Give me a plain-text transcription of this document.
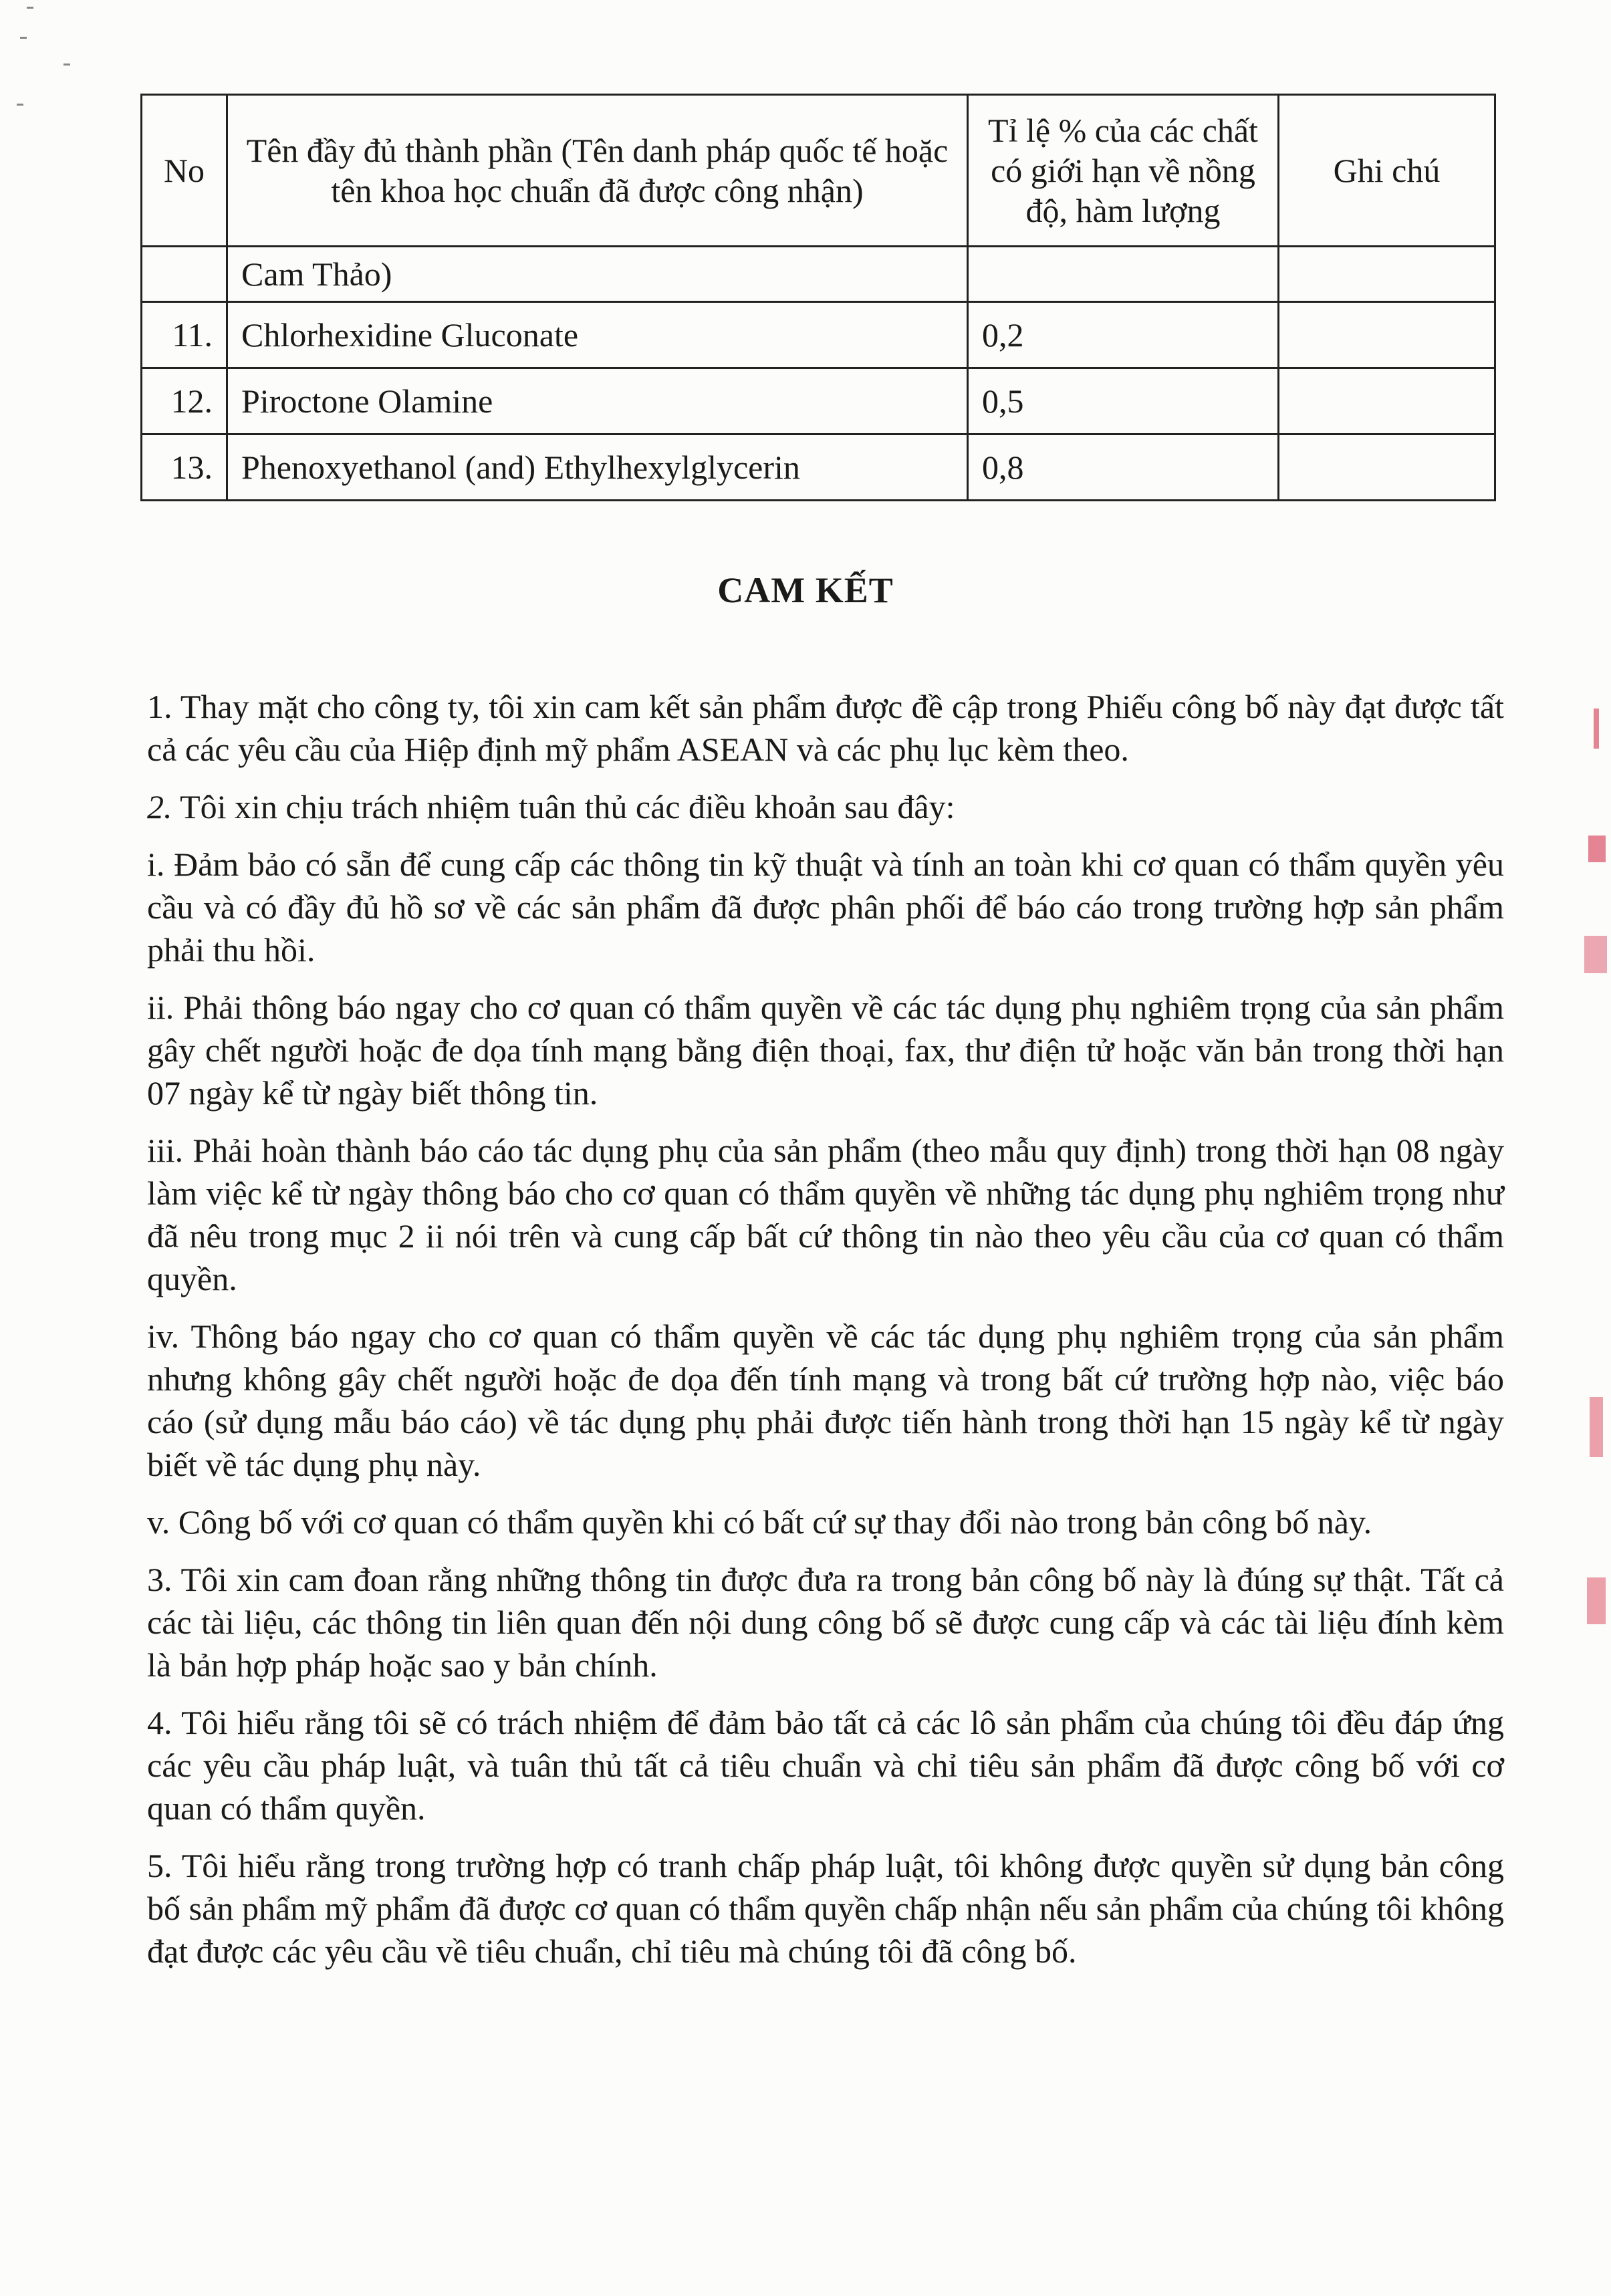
No	Tên đầy đủ thành phần (Tên danh pháp quốc tế hoặc tên khoa học chuẩn đã được công nhận)	Tỉ lệ % của các chất có giới hạn về nồng độ, hàm lượng	Ghi chú
	Cam Thảo)		
11.	Chlorhexidine Gluconate	0,2	
12.	Piroctone Olamine	0,5	
13.	Phenoxyethanol (and) Ethylhexylglycerin	0,8	
CAM KẾT

1. Thay mặt cho công ty, tôi xin cam kết sản phẩm được đề cập trong Phiếu công bố này đạt được tất cả các yêu cầu của Hiệp định mỹ phẩm ASEAN và các phụ lục kèm theo.

2. Tôi xin chịu trách nhiệm tuân thủ các điều khoản sau đây:

i. Đảm bảo có sẵn để cung cấp các thông tin kỹ thuật và tính an toàn khi cơ quan có thẩm quyền yêu cầu và có đầy đủ hồ sơ về các sản phẩm đã được phân phối để báo cáo trong trường hợp sản phẩm phải thu hồi.

ii. Phải thông báo ngay cho cơ quan có thẩm quyền về các tác dụng phụ nghiêm trọng của sản phẩm gây chết người hoặc đe dọa tính mạng bằng điện thoại, fax, thư điện tử hoặc văn bản trong thời hạn 07 ngày kể từ ngày biết thông tin.

iii. Phải hoàn thành báo cáo tác dụng phụ của sản phẩm (theo mẫu quy định) trong thời hạn 08 ngày làm việc kể từ ngày thông báo cho cơ quan có thẩm quyền về những tác dụng phụ nghiêm trọng như đã nêu trong mục 2 ii nói trên và cung cấp bất cứ thông tin nào theo yêu cầu của cơ quan có thẩm quyền.

iv. Thông báo ngay cho cơ quan có thẩm quyền về các tác dụng phụ nghiêm trọng của sản phẩm nhưng không gây chết người hoặc đe dọa đến tính mạng và trong bất cứ trường hợp nào, việc báo cáo (sử dụng mẫu báo cáo) về tác dụng phụ phải được tiến hành trong thời hạn 15 ngày kể từ ngày biết về tác dụng phụ này.

v. Công bố với cơ quan có thẩm quyền khi có bất cứ sự thay đổi nào trong bản công bố này.

3. Tôi xin cam đoan rằng những thông tin được đưa ra trong bản công bố này là đúng sự thật. Tất cả các tài liệu, các thông tin liên quan đến nội dung công bố sẽ được cung cấp và các tài liệu đính kèm là bản hợp pháp hoặc sao y bản chính.

4. Tôi hiểu rằng tôi sẽ có trách nhiệm để đảm bảo tất cả các lô sản phẩm của chúng tôi đều đáp ứng các yêu cầu pháp luật, và tuân thủ tất cả tiêu chuẩn và chỉ tiêu sản phẩm đã được công bố với cơ quan có thẩm quyền.

5. Tôi hiểu rằng trong trường hợp có tranh chấp pháp luật, tôi không được quyền sử dụng bản công bố sản phẩm mỹ phẩm đã được cơ quan có thẩm quyền chấp nhận nếu sản phẩm của chúng tôi không đạt được các yêu cầu về tiêu chuẩn, chỉ tiêu mà chúng tôi đã công bố.
